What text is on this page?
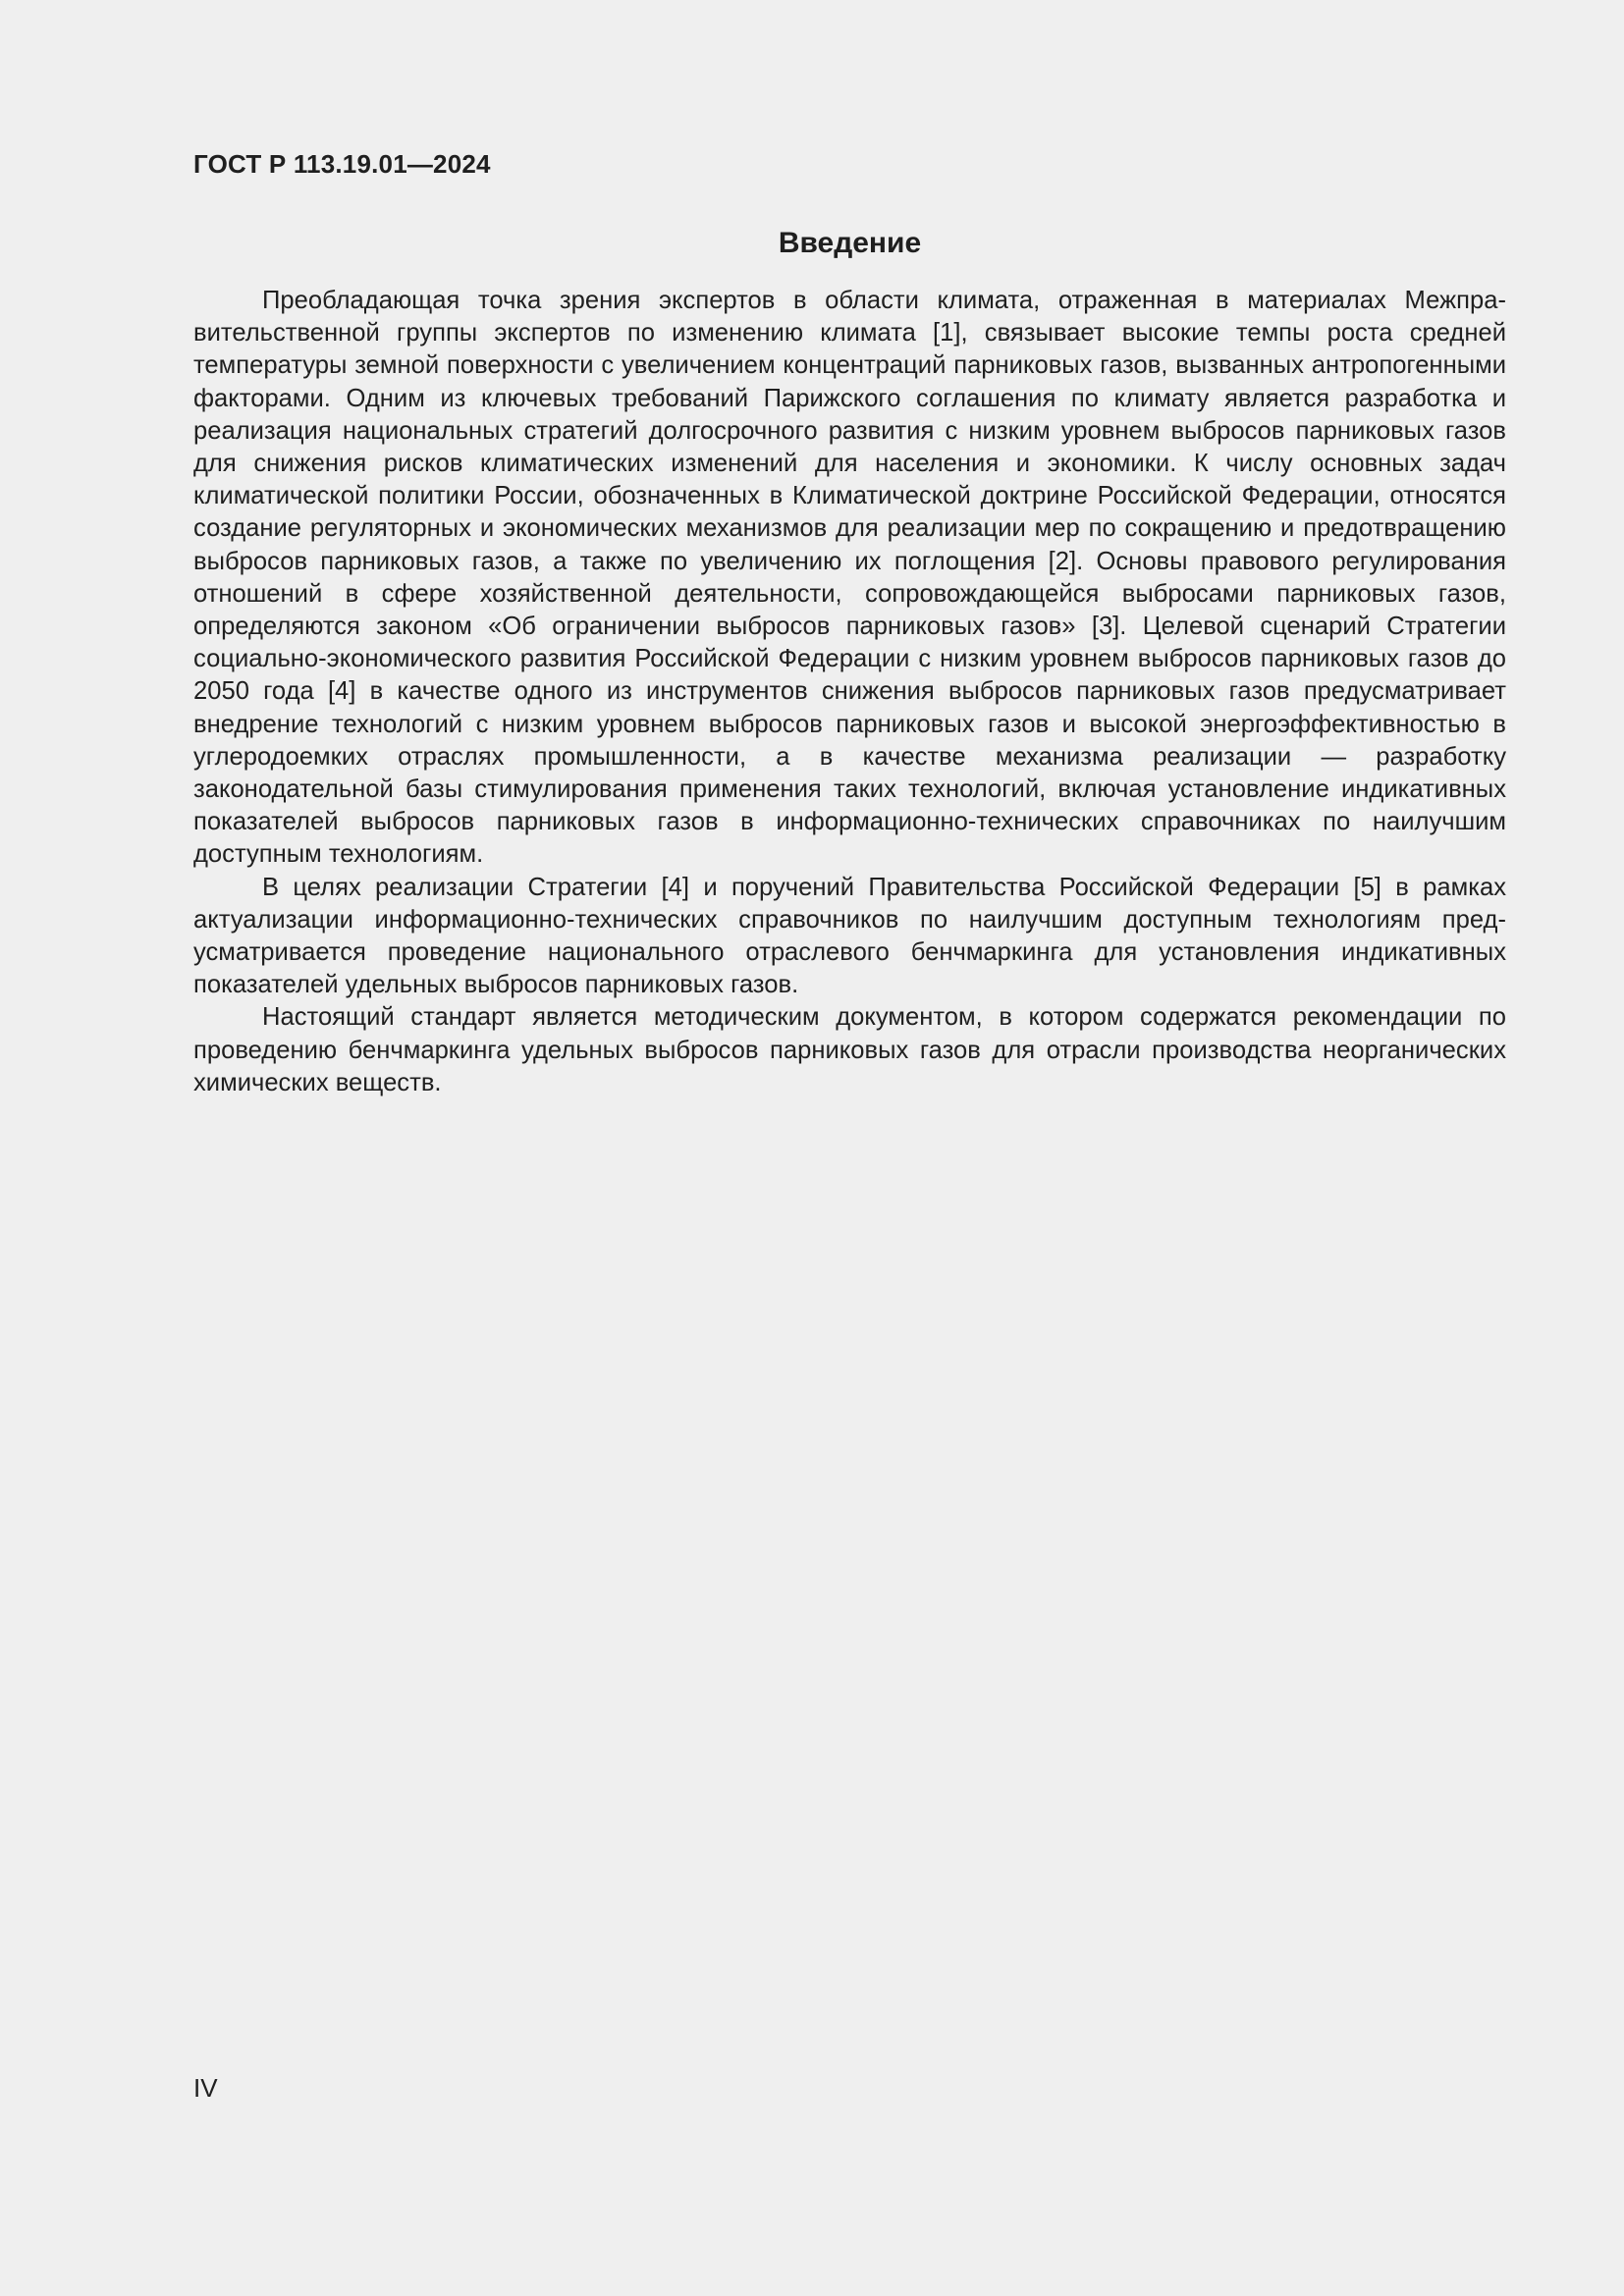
ГОСТ Р 113.19.01—2024
Введение

Преобладающая точка зрения экспертов в области климата, отраженная в материалах Межправительственной группы экспертов по изменению климата [1], связывает высокие темпы роста средней температуры земной поверхности с увеличением концентраций парниковых газов, вызванных антропогенными факторами. Одним из ключевых требований Парижского соглашения по климату является разработка и реализация национальных стратегий долгосрочного развития с низким уровнем выбросов парниковых газов для снижения рисков климатических изменений для населения и экономики. К числу основных задач климатической политики России, обозначенных в Климатической доктрине Российской Федерации, относятся создание регуляторных и экономических механизмов для реализации мер по сокращению и предотвращению выбросов парниковых газов, а также по увеличению их поглощения [2]. Основы правового регулирования отношений в сфере хозяйственной деятельности, сопровождающейся выбросами парниковых газов, определяются законом «Об ограничении выбросов парниковых газов» [3]. Целевой сценарий Стратегии социально-экономического развития Российской Федерации с низким уровнем выбросов парниковых газов до 2050 года [4] в качестве одного из инструментов снижения выбросов парниковых газов предусматривает внедрение технологий с низким уровнем выбросов парниковых газов и высокой энергоэффективностью в углеродоемких отраслях промышленности, а в качестве механизма реализации — разработку законодательной базы стимулирования применения таких технологий, включая установление индикативных показателей выбросов парниковых газов в информационно-технических справочниках по наилучшим доступным технологиям.

В целях реализации Стратегии [4] и поручений Правительства Российской Федерации [5] в рамках актуализации информационно-технических справочников по наилучшим доступным технологиям предусматривается проведение национального отраслевого бенчмаркинга для установления индикативных показателей удельных выбросов парниковых газов.

Настоящий стандарт является методическим документом, в котором содержатся рекомендации по проведению бенчмаркинга удельных выбросов парниковых газов для отрасли производства неорганических химических веществ.

IV
